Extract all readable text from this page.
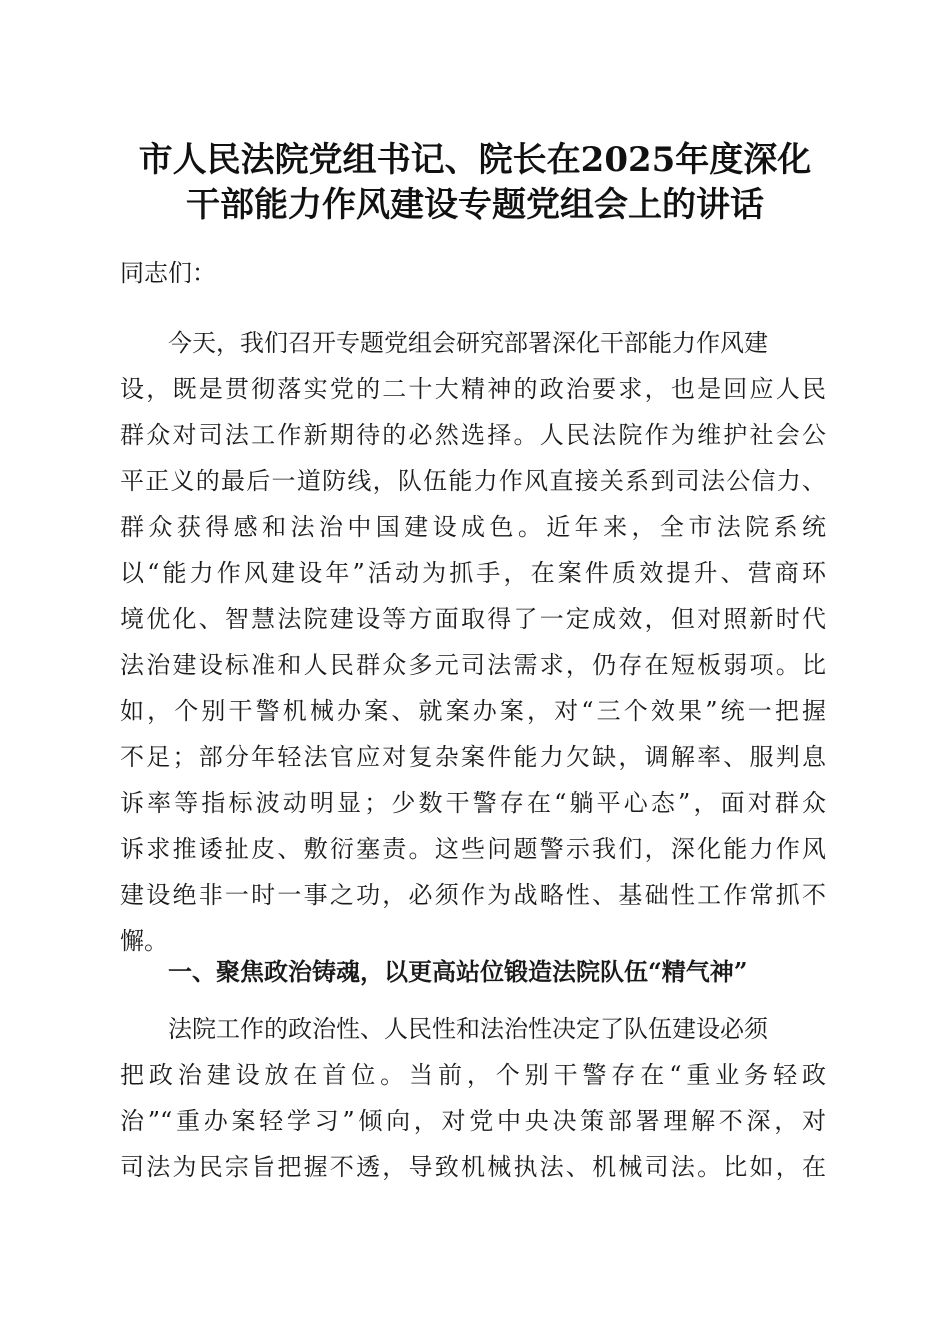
市人民法院党组书记、院长在2025年度深化
干部能力作风建设专题党组会上的讲话
同志们：
今天，我们召开专题党组会研究部署深化干部能力作风建
设，既是贯彻落实党的二十大精神的政治要求，也是回应人民
群众对司法工作新期待的必然选择。人民法院作为维护社会公
平正义的最后一道防线，队伍能力作风直接关系到司法公信力、
群众获得感和法治中国建设成色。近年来，全市法院系统
以“能力作风建设年”活动为抓手，在案件质效提升、营商环
境优化、智慧法院建设等方面取得了一定成效，但对照新时代
法治建设标准和人民群众多元司法需求，仍存在短板弱项。比
如，个别干警机械办案、就案办案，对“三个效果”统一把握
不足；部分年轻法官应对复杂案件能力欠缺，调解率、服判息
诉率等指标波动明显；少数干警存在“躺平心态”，面对群众
诉求推诿扯皮、敷衍塞责。这些问题警示我们，深化能力作风
建设绝非一时一事之功，必须作为战略性、基础性工作常抓不
懈。
一、聚焦政治铸魂，以更高站位锻造法院队伍“精气神”
法院工作的政治性、人民性和法治性决定了队伍建设必须
把政治建设放在首位。当前，个别干警存在“重业务轻政
治”“重办案轻学习”倾向，对党中央决策部署理解不深，对
司法为民宗旨把握不透，导致机械执法、机械司法。比如，在
